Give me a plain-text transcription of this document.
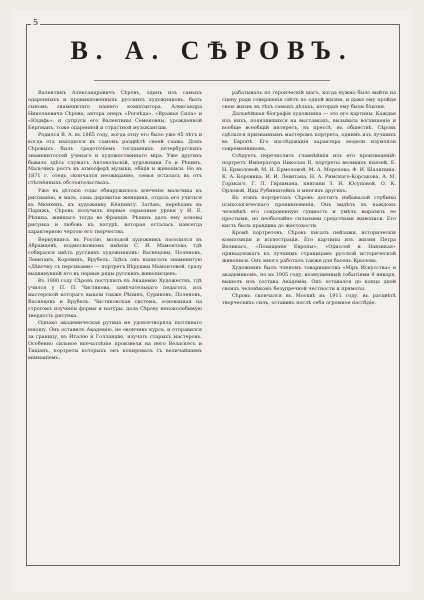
5
В. А. СѢРОВЪ.

Валентинъ Александровичъ Сѣровъ, одинъ изъ самыхъ одаренныхъ и проникновенныхъ русскихъ художниковъ, былъ сыномъ знаменитаго нашего композитора, Александра Николаевича Сѣрова, автора оперъ «Рогнѣда», «Вражья Сила» и «Юдифь», и супруги его Валентины Семеновны, урожденной Бергманъ, тоже одаренной и страстной музыкантши.

Родился В. А. въ 1865 году, когда отцу его было уже 45 лѣтъ и когда отъ находился въ самомъ разцвѣтѣ своей славы. Домъ Сѣровыхъ былъ средоточіемъ тогдашнихъ петербургскихъ знаменитостей ученаго и художественнаго міра. Уже другихъ бывало здѣсь служатъ Антокольскій, художники Ге и Рѣпинъ. Мальчикъ ростъ въ атмосферѣ музыки, общія и живописи. Но въ 1871 г. отецъ скончался неожиданно, семья осталась въ отъ стѣснённыхъ обстоятельствахъ.

Уже въ дѣтскіе годы обнаружилось влеченіе мальчика къ рисованію, и мать, сама даровитая женщина, отдала его учиться въ Мюнхенъ, къ художнику Кёппингу. Затѣмъ, переѣхавъ въ Парижъ, Сѣровъ получилъ первые серьезные уроки у И. Е. Рѣпина, жившаго тогда во Франціи. Рѣпинъ далъ ему основы рисунка и любовь къ натурѣ, которая осталась навсегда характерною чертою его творчества.

Вернувшись въ Россію, молодой художникъ поселился въ Абрамцевѣ, подмосковномъ имѣніи С. И. Мамонтова, гдѣ собирался цвѣтъ русскихъ художниковъ: Васнецовы, Поленовъ, Левитанъ, Коровинъ, Врубель. Здѣсь онъ написалъ знаменитую «Дѣвочку съ персиками» — портретъ Вѣрушки Мамонтовой, сразу выдвинувшій его въ первые ряды русскихъ живописцевъ.

Въ 1880 году Сѣровъ поступилъ въ Академію Художествъ, гдѣ учился у П. П. Чистякова, замѣчательнаго педагога, изъ мастерской котораго вышли также Рѣпинъ, Суриковъ, Поленовъ, Васнецовъ и Врубель. Чистяковская система, основанная на строгомъ изученіи формы и натуры, дала Сѣрову непоколебимую твердость рисунка.

Однако академическая рутина не удовлетворяла пытливаго юношу. Онъ оставилъ Академію, не окончивъ курса, и отправился за границу, въ Италію и Голландію, изучать старыхъ мастеровъ. Особенно сильное впечатлѣніе произвели на него Веласкесъ и Тиціанъ, портреты которыхъ онъ копировалъ съ величайшимъ вниманіемъ.

рабатывалъ по героическій шагъ, когда нужно было выйти на сцену ради совершенія свѣтъ по одной жизни, и даже ему пройдя свою жизнь въ тѣхъ самыхъ дѣлахъ, которыя ему были близки.

Дальнѣйшая біографія художника — это его картины. Каждая изъ нихъ, появлявшихся на выставкахъ, вызывала восхищеніе и вообще всеобщій интересъ, въ прессѣ, въ обществѣ. Сѣровъ сдѣлался признаннымъ мастеромъ портрета, однимъ изъ лучшихъ въ Европѣ. Его изслѣдованія характера модели изумляли современниковъ.

Слѣдуетъ перечислить главнѣйшія изъ его произведеній: портретъ Императора Николая II, портреты великихъ князей, Е. Н. Ермоловой, М. Н. Ермоловой, М. А. Морозова, Ф. И. Шаляпина, К. А. Коровина, И. И. Левитана, Н. А. Римскаго-Корсакова, А. М. Горькаго, Г. Л. Гиршмана, княгини З. Н. Юсуповой, О. К. Орловой, Иды Рубинштейнъ и многихъ другихъ.

Въ этихъ портретахъ Сѣровъ достигъ небывалой глубины психологическаго проникновенія. Онъ видѣлъ въ каждомъ человѣкѣ его сокровенную сущность и умѣлъ выразить ее простыми, но необычайно сильными средствами живописи. Его кисть была правдива до жестокости.

Кромѣ портретовъ, Сѣровъ писалъ пейзажи, историческія композиціи и иллюстраціи. Его картины изъ жизни Петра Великаго, «Похищеніе Европы», «Одиссей и Навзикая» принадлежатъ къ лучшимъ страницамъ русской исторической живописи. Онъ много работалъ также для басенъ Крылова.

Художникъ былъ членомъ товарищества «Міръ Искусства» и академикомъ, но въ 1905 году, возмущенный событіями 9 января, вышелъ изъ состава Академіи. Онъ оставался до конца дней своихъ человѣкомъ безупречной честности и прямоты.

Сѣровъ скончался въ Москвѣ въ 1911 году, въ расцвѣтѣ творческихъ силъ, оставивъ послѣ себя огромное наслѣдіе.
